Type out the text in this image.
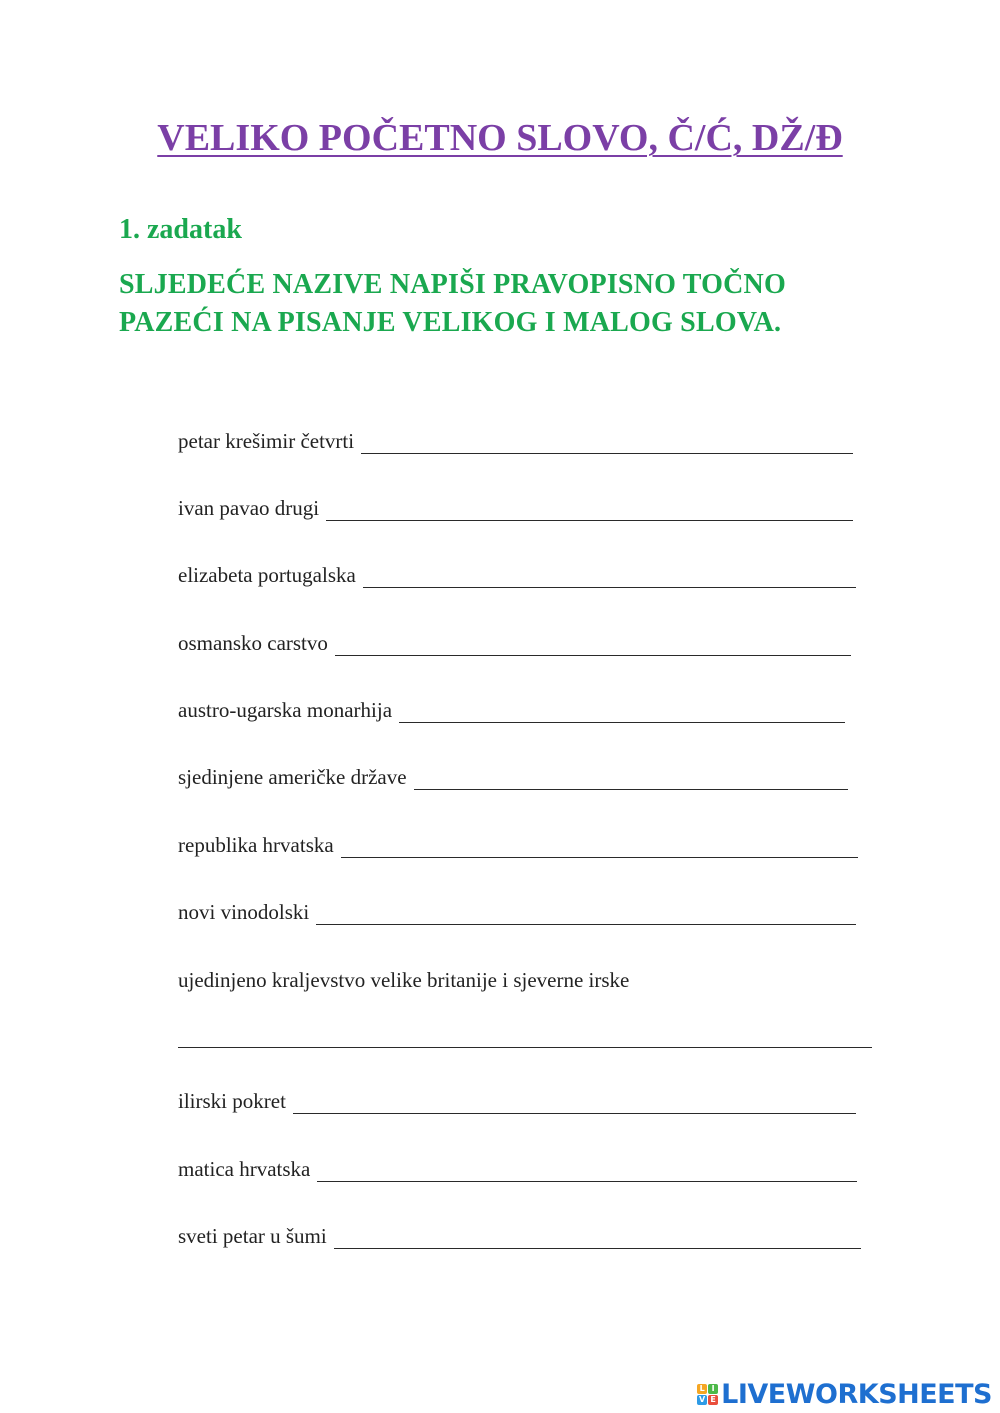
VELIKO POČETNO SLOVO, Č/Ć, DŽ/Đ
1. zadatak

SLJEDEĆE NAZIVE NAPIŠI PRAVOPISNO TOČNO
PAZEĆI NA PISANJE VELIKOG I MALOG SLOVA.

petar krešimir četvrti
ivan pavao drugi
elizabeta portugalska
osmansko carstvo
austro-ugarska monarhija
sjedinjene američke države
republika hrvatska
novi vinodolski
ujedinjeno kraljevstvo velike britanije i sjeverne irske
ilirski pokret
matica hrvatska
sveti petar u šumi
L I
V E LIVEWORKSHEETS
